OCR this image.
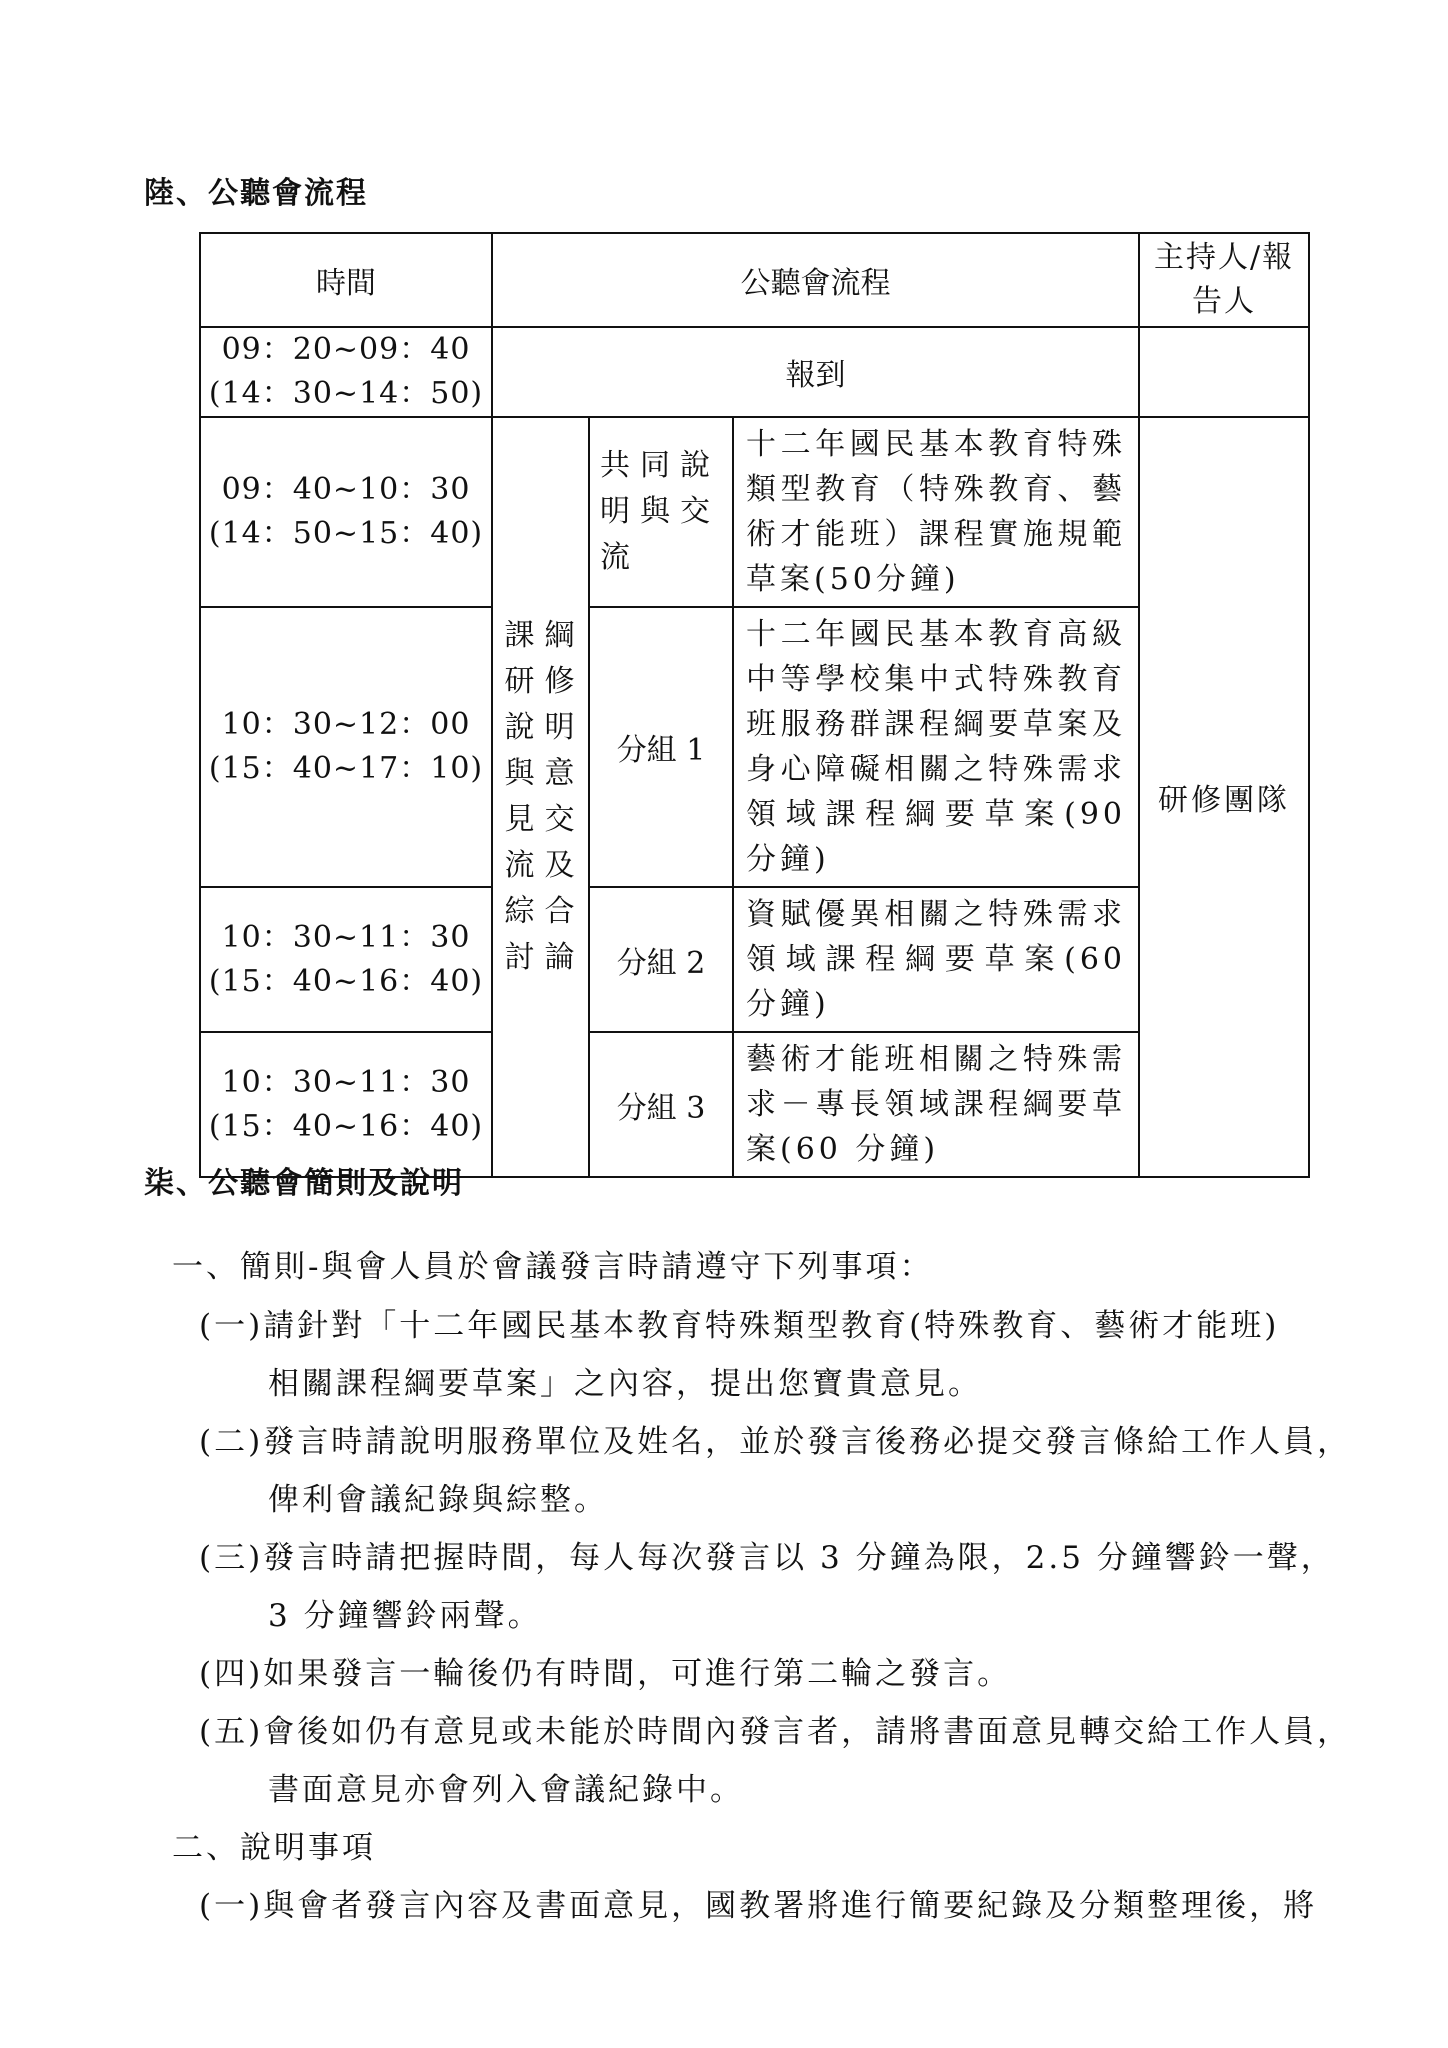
陸、公聽會流程
時間	公聽會流程			主持人/報告人

09：20~09：40
(14：30~14：50)	報到			

09：40~10：30
(14：50~15：40)	課綱研修說明與意見交流及綜合討論	共同說明與交流	十二年國民基本教育特殊類型教育（特殊教育、藝術才能班）課程實施規範草案(50分鐘)	研修團隊

10：30~12：00
(15：40~17：10)		分組 1	十二年國民基本教育高級中等學校集中式特殊教育班服務群課程綱要草案及身心障礙相關之特殊需求領域課程綱要草案(90 分鐘)	

10：30~11：30
(15：40~16：40)		分組 2	資賦優異相關之特殊需求領域課程綱要草案(60 分鐘)	

10：30~11：30
(15：40~16：40)		分組 3	藝術才能班相關之特殊需求－專長領域課程綱要草案(60 分鐘)	
柒、公聽會簡則及說明
一、簡則-與會人員於會議發言時請遵守下列事項：
(一)請針對「十二年國民基本教育特殊類型教育(特殊教育、藝術才能班)
相關課程綱要草案」之內容，提出您寶貴意見。
(二)發言時請說明服務單位及姓名，並於發言後務必提交發言條給工作人員，
俾利會議紀錄與綜整。
(三)發言時請把握時間，每人每次發言以 3 分鐘為限，2.5 分鐘響鈴一聲，
3 分鐘響鈴兩聲。
(四)如果發言一輪後仍有時間，可進行第二輪之發言。
(五)會後如仍有意見或未能於時間內發言者，請將書面意見轉交給工作人員，
書面意見亦會列入會議紀錄中。
二、說明事項
(一)與會者發言內容及書面意見，國教署將進行簡要紀錄及分類整理後，將
